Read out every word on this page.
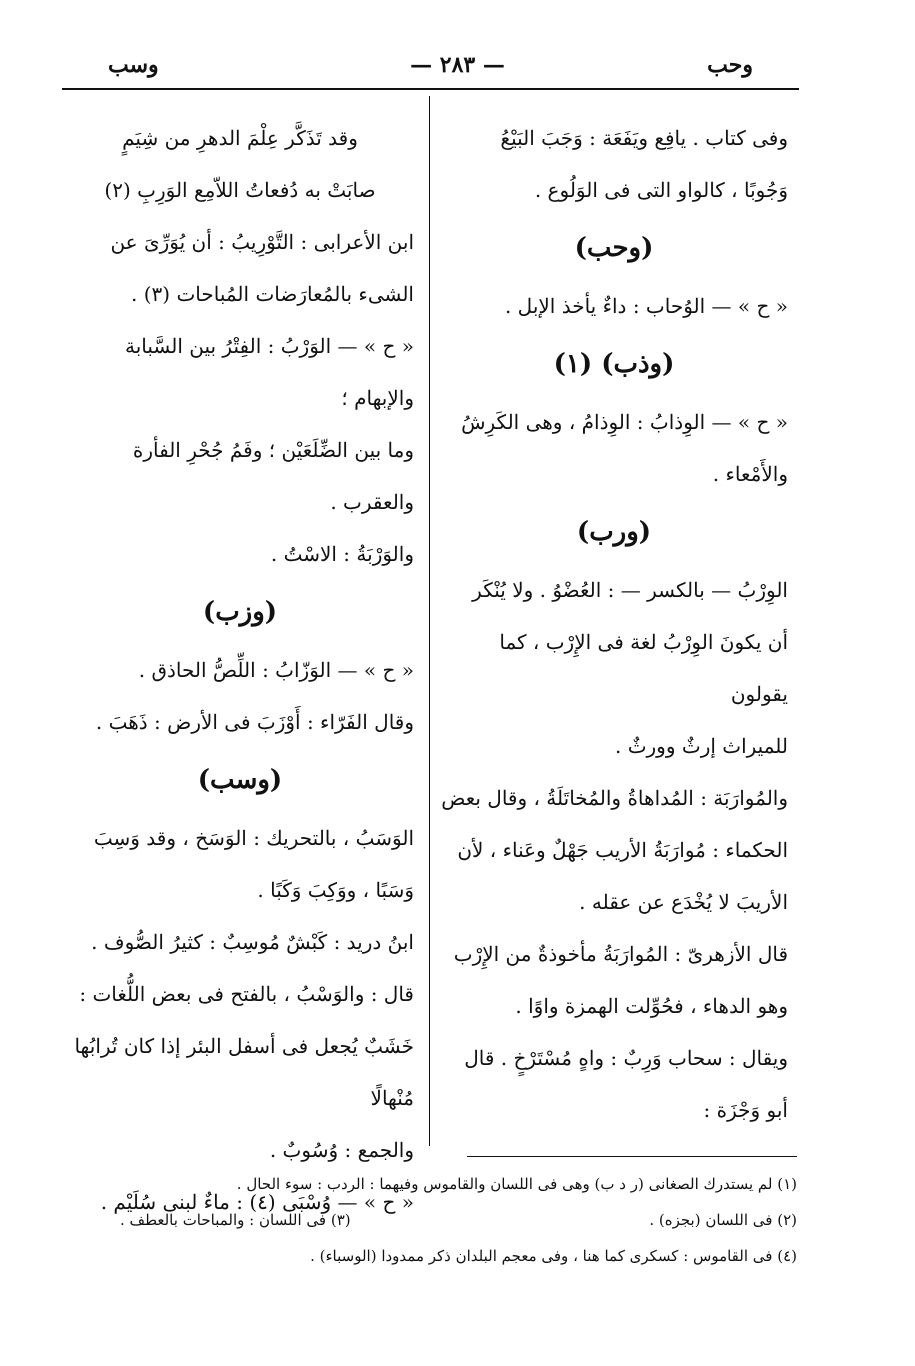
وحب
— ٢٨٣ —
وسب

وفى كتاب . يافِع ويَفَعَة : وَجَبَ البَيْعُ

وَجُوبًا ، كالواو التى فى الوَلُوع .

(وحب)

« ح » — الوُحاب : داءٌ يأخذ الإبل .

(وذب) (١)

« ح » — الوِذابُ : الوِذامُ ، وهى الكَرِشُ

والأَمْعاء .

(ورب)

الوِرْبُ — بالكسر — : العُضْوُ . ولا يُنْكَر

أن يكونَ الوِرْبُ لغة فى الإِرْب ، كما يقولون

للميراث إرثٌ وورثٌ .

والمُوارَبَة : المُداهاةُ والمُخاتَلَةُ ، وقال بعض

الحكماء : مُوارَبَةُ الأريب جَهْلٌ وعَناء ، لأن

الأريبَ لا يُخْدَع عن عقله .

قال الأزهرىّ : المُوارَبَةُ مأخوذةٌ من الإِرْب

وهو الدهاء ، فحُوِّلت الهمزة واوًا .

ويقال : سحاب وَرِبٌ : واهٍ مُسْتَرْخٍ . قال

أبو وَجْزَة :

وقد تَذَكَّر عِلْمَ الدهرِ من شِيَمٍ

صابَتْ به دُفعاتُ اللاّمِع الوَرِبِ (٢)

ابن الأعرابى : التَّوْرِيبُ : أن يُوَرِّىَ عن

الشىء بالمُعارَضات المُباحات (٣) .

« ح » — الوَرْبُ : الفِتْرُ بين السَّبابة والإبهام ؛

وما بين الضِّلَعَيْن ؛ وفَمُ جُحْرِ الفأرة والعقرب .

والوَرْبَةُ : الاسْتُ .

(وزب)

« ح » — الوَزّابُ : اللِّصُّ الحاذق .

وقال الفَرّاء : أَوْزَبَ فى الأرض : ذَهَبَ .

(وسب)

الوَسَبُ ، بالتحريك : الوَسَخ ، وقد وَسِبَ

وَسَبًا ، ووَكِبَ وَكَبًا .

ابنُ دريد : كَبْشٌ مُوسِبٌ : كثيرُ الصُّوف .

قال : والوَسْبُ ، بالفتح فى بعض اللُّغات :

خَشَبٌ يُجعل فى أسفل البئر إذا كان تُرابُها مُنْهالًا

والجمع : وُسُوبٌ .

« ح » — وُسْبَى (٤) : ماءٌ لبنى سُلَيْم .

(١) لم يستدرك الصغانى (ر د ب) وهى فى اللسان والقاموس وفيهما : الردب : سوء الحال .

(٢) فى اللسان (بجزه) .
(٣) فى اللسان : والمباحات بالعطف .

(٤) فى القاموس : كسكرى كما هنا ، وفى معجم البلدان ذكر ممدودا (الوسباء) .
